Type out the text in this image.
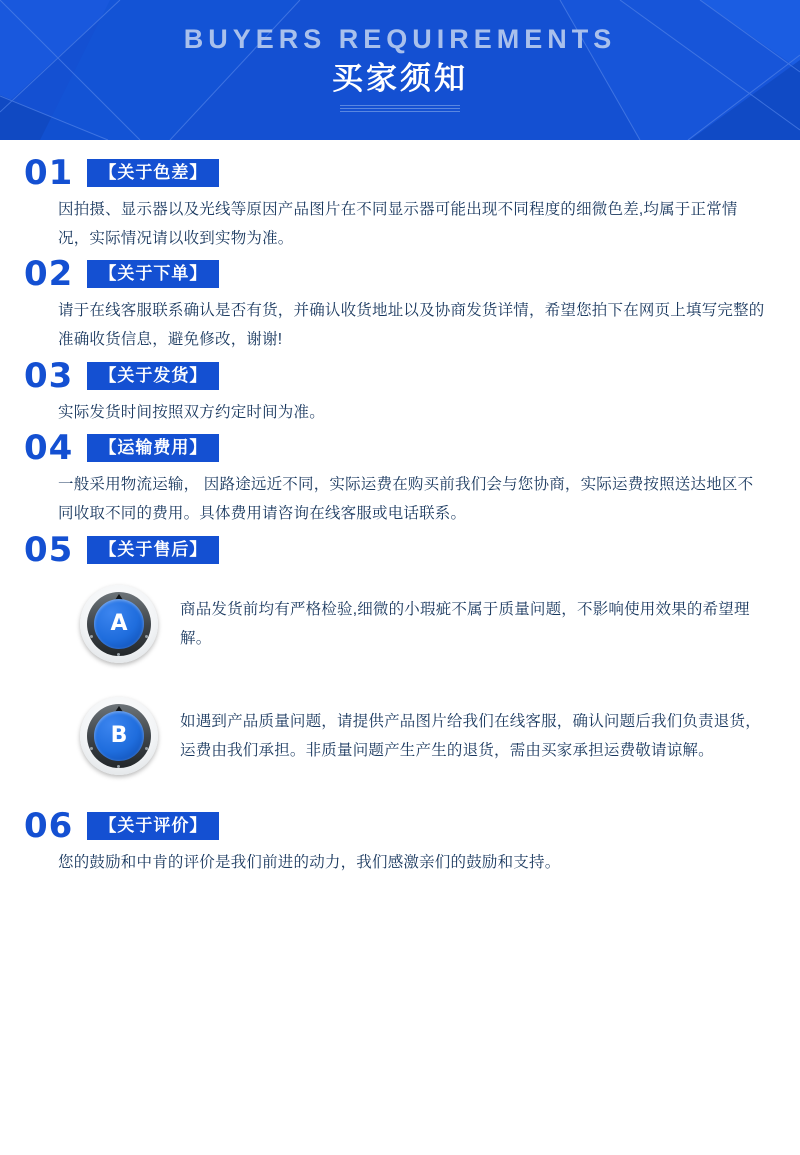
BUYERS REQUIREMENTS
买家须知
01	【关于色差】
因拍摄、显示器以及光线等原因产品图片在不同显示器可能出现不同程度的细微色差,均属于正常情况，实际情况请以收到实物为准。
02	【关于下单】
请于在线客服联系确认是否有货，并确认收货地址以及协商发货详情，希望您拍下在网页上填写完整的准确收货信息，避免修改，谢谢!
03	【关于发货】
实际发货时间按照双方约定时间为准。
04	【运输费用】
一般采用物流运输， 因路途远近不同，实际运费在购买前我们会与您协商，实际运费按照送达地区不同收取不同的费用。具体费用请咨询在线客服或电话联系。
05	【关于售后】
A
商品发货前均有严格检验,细微的小瑕疵不属于质量问题，不影响使用效果的希望理解。
B
如遇到产品质量问题，请提供产品图片给我们在线客服，确认问题后我们负责退货，运费由我们承担。非质量问题产生产生的退货，需由买家承担运费敬请谅解。
06	【关于评价】
您的鼓励和中肯的评价是我们前进的动力，我们感激亲们的鼓励和支持。
